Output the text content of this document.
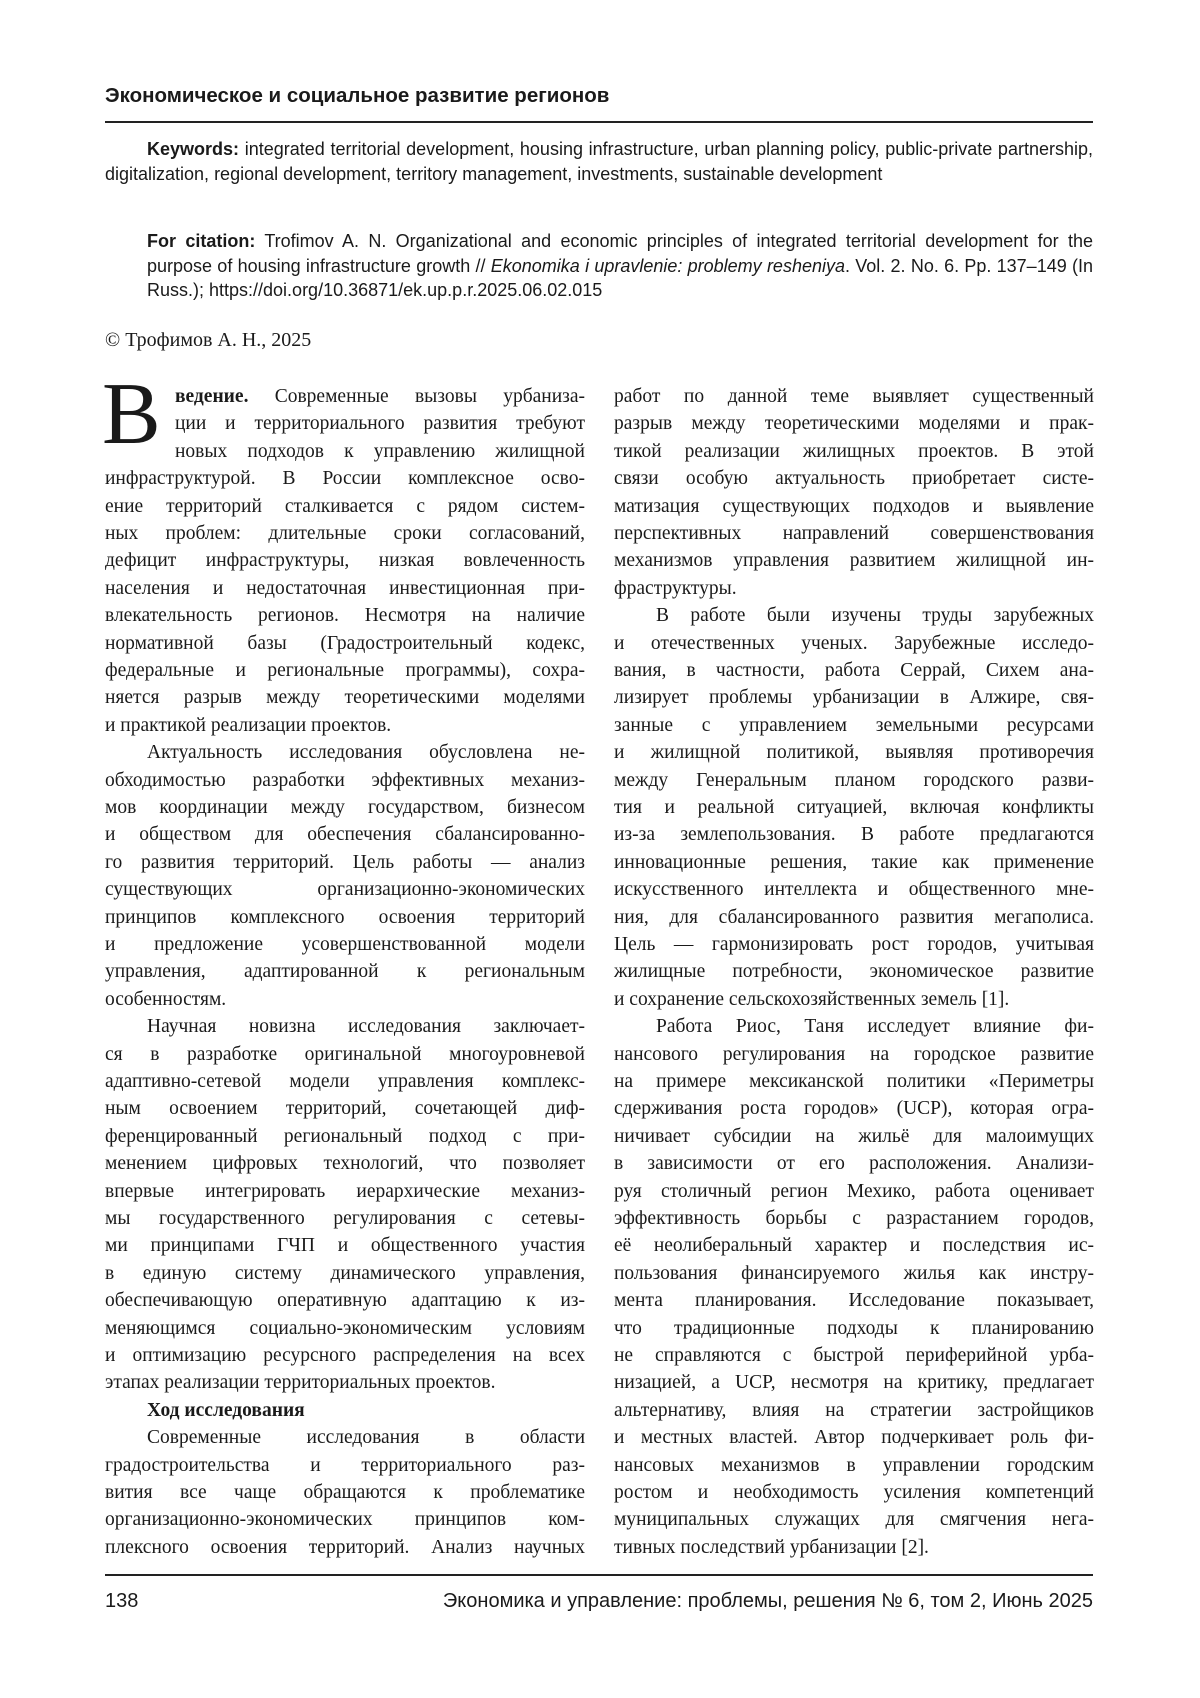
Экономическое и социальное развитие регионов
Keywords: integrated territorial development, housing infrastructure, urban planning policy, public-private partnership, digitalization, regional development, territory management, investments, sustainable development
For citation: Trofimov A. N. Organizational and economic principles of integrated territorial development for the purpose of housing infrastructure growth // Ekonomika i upravlenie: problemy resheniya. Vol. 2. No. 6. Pp. 137–149 (In Russ.); https://doi.org/10.36871/ek.up.p.r.2025.06.02.015
© Трофимов А. Н., 2025
В ведение. Современные вызовы урбаниза-
ции и территориального развития требуют
новых подходов к управлению жилищной
инфраструктурой. В России комплексное осво-
ение территорий сталкивается с рядом систем-
ных проблем: длительные сроки согласований,
дефицит инфраструктуры, низкая вовлеченность
населения и недостаточная инвестиционная при-
влекательность регионов. Несмотря на наличие
нормативной базы (Градостроительный кодекс,
федеральные и региональные программы), сохра-
няется разрыв между теоретическими моделями
и практикой реализации проектов.
Актуальность исследования обусловлена не-
обходимостью разработки эффективных механиз-
мов координации между государством, бизнесом
и обществом для обеспечения сбалансированно-
го развития территорий. Цель работы — анализ
существующих организационно-экономических
принципов комплексного освоения территорий
и предложение усовершенствованной модели
управления, адаптированной к региональным
особенностям.
Научная новизна исследования заключает-
ся в разработке оригинальной многоуровневой
адаптивно-сетевой модели управления комплекс-
ным освоением территорий, сочетающей диф-
ференцированный региональный подход с при-
менением цифровых технологий, что позволяет
впервые интегрировать иерархические механиз-
мы государственного регулирования с сетевы-
ми принципами ГЧП и общественного участия
в единую систему динамического управления,
обеспечивающую оперативную адаптацию к из-
меняющимся социально-экономическим условиям
и оптимизацию ресурсного распределения на всех
этапах реализации территориальных проектов.
Ход исследования
Современные исследования в области
градостроительства и территориального раз-
вития все чаще обращаются к проблематике
организационно-экономических принципов ком-
плексного освоения территорий. Анализ научных
работ по данной теме выявляет существенный
разрыв между теоретическими моделями и прак-
тикой реализации жилищных проектов. В этой
связи особую актуальность приобретает систе-
матизация существующих подходов и выявление
перспективных направлений совершенствования
механизмов управления развитием жилищной ин-
фраструктуры.
В работе были изучены труды зарубежных
и отечественных ученых. Зарубежные исследо-
вания, в частности, работа Серрай, Сихем ана-
лизирует проблемы урбанизации в Алжире, свя-
занные с управлением земельными ресурсами
и жилищной политикой, выявляя противоречия
между Генеральным планом городского разви-
тия и реальной ситуацией, включая конфликты
из-за землепользования. В работе предлагаются
инновационные решения, такие как применение
искусственного интеллекта и общественного мне-
ния, для сбалансированного развития мегаполиса.
Цель — гармонизировать рост городов, учитывая
жилищные потребности, экономическое развитие
и сохранение сельскохозяйственных земель [1].
Работа Риос, Таня исследует влияние фи-
нансового регулирования на городское развитие
на примере мексиканской политики «Периметры
сдерживания роста городов» (UCP), которая огра-
ничивает субсидии на жильё для малоимущих
в зависимости от его расположения. Анализи-
руя столичный регион Мехико, работа оценивает
эффективность борьбы с разрастанием городов,
её неолиберальный характер и последствия ис-
пользования финансируемого жилья как инстру-
мента планирования. Исследование показывает,
что традиционные подходы к планированию
не справляются с быстрой периферийной урба-
низацией, а UCP, несмотря на критику, предлагает
альтернативу, влияя на стратегии застройщиков
и местных властей. Автор подчеркивает роль фи-
нансовых механизмов в управлении городским
ростом и необходимость усиления компетенций
муниципальных служащих для смягчения нега-
тивных последствий урбанизации [2].
138	Экономика и управление: проблемы, решения № 6, том 2, Июнь 2025
